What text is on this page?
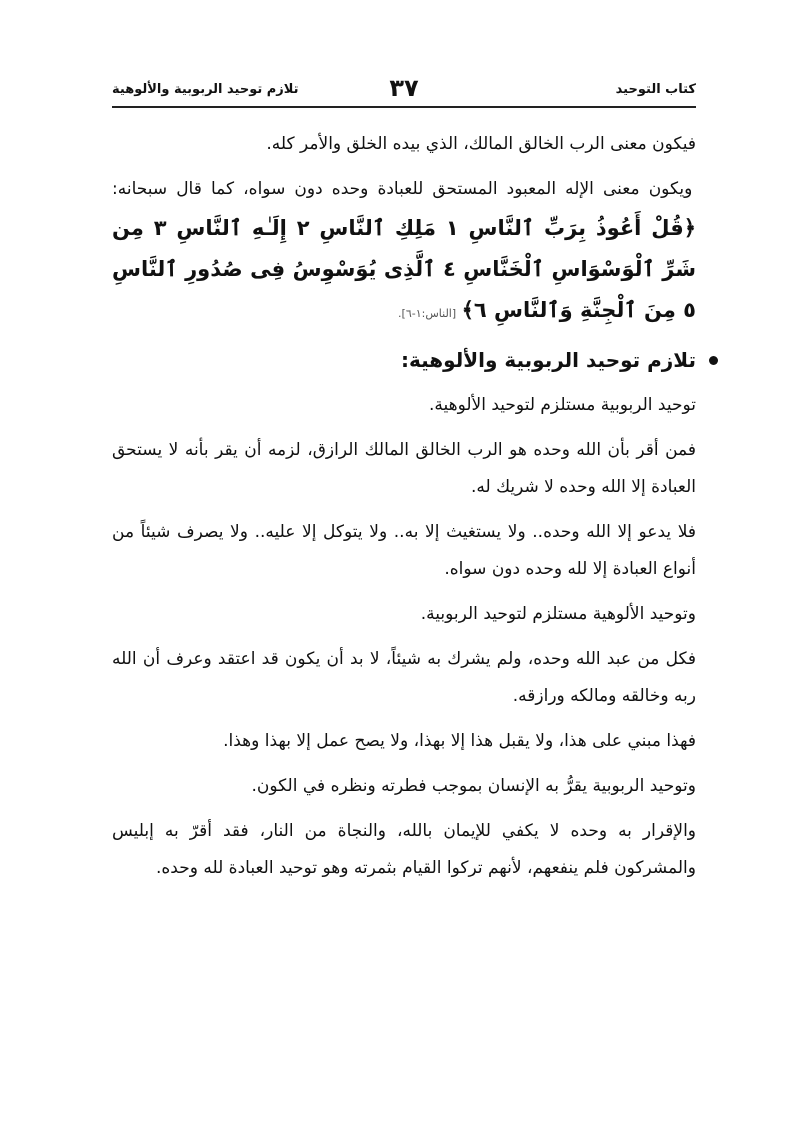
كتاب التوحيد
٣٧
تلازم توحيد الربوبية والألوهية

فيكون معنى الرب الخالق المالك، الذي بيده الخلق والأمر كله.

ويكون معنى الإله المعبود المستحق للعبادة وحده دون سواه، كما قال سبحانه: ﴿قُلْ أَعُوذُ بِرَبِّ ٱلنَّاسِ ١ مَلِكِ ٱلنَّاسِ ٢ إِلَـٰهِ ٱلنَّاسِ ٣ مِن شَرِّ ٱلْوَسْوَاسِ ٱلْخَنَّاسِ ٤ ٱلَّذِى يُوَسْوِسُ فِى صُدُورِ ٱلنَّاسِ ٥ مِنَ ٱلْجِنَّةِ وَٱلنَّاسِ ٦﴾ [الناس:١-٦].

تلازم توحيد الربوبية والألوهية:

توحيد الربوبية مستلزم لتوحيد الألوهية.

فمن أقر بأن الله وحده هو الرب الخالق المالك الرازق، لزمه أن يقر بأنه لا يستحق العبادة إلا الله وحده لا شريك له.

فلا يدعو إلا الله وحده.. ولا يستغيث إلا به.. ولا يتوكل إلا عليه.. ولا يصرف شيئاً من أنواع العبادة إلا لله وحده دون سواه.

وتوحيد الألوهية مستلزم لتوحيد الربوبية.

فكل من عبد الله وحده، ولم يشرك به شيئاً، لا بد أن يكون قد اعتقد وعرف أن الله ربه وخالقه ومالكه ورازقه.

فهذا مبني على هذا، ولا يقبل هذا إلا بهذا، ولا يصح عمل إلا بهذا وهذا.

وتوحيد الربوبية يقرُّ به الإنسان بموجب فطرته ونظره في الكون.

والإقرار به وحده لا يكفي للإيمان بالله، والنجاة من النار، فقد أقرّ به إبليس والمشركون فلم ينفعهم، لأنهم تركوا القيام بثمرته وهو توحيد العبادة لله وحده.
